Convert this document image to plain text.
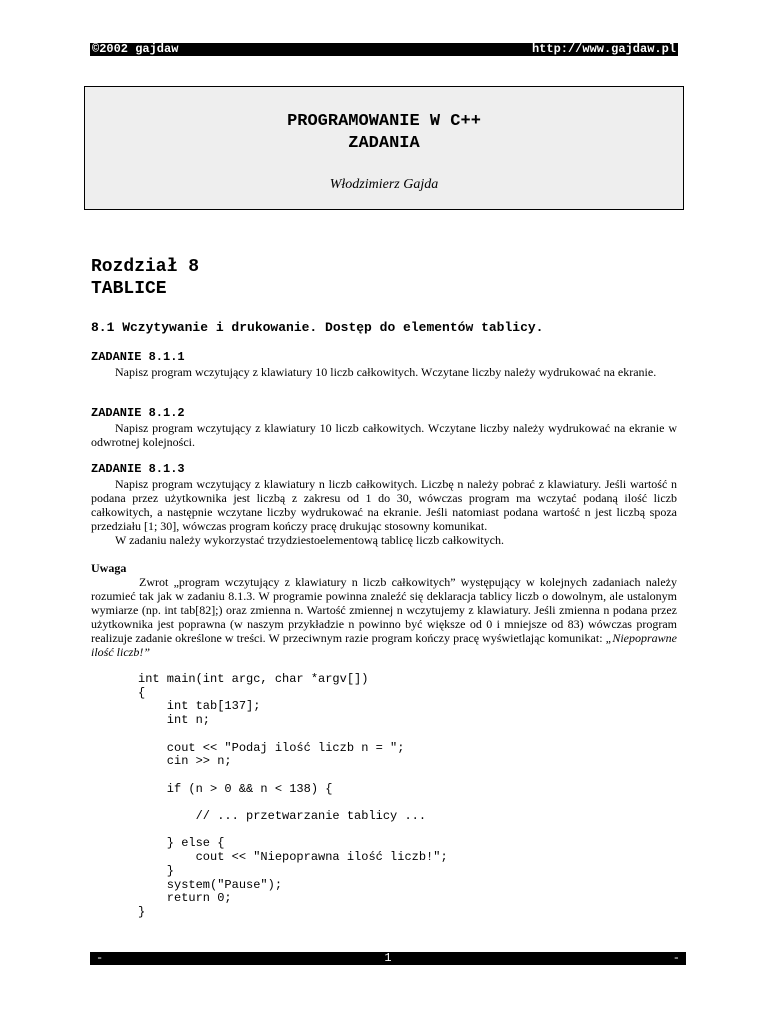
©2002 gajdaw	http://www.gajdaw.pl
PROGRAMOWANIE W C++
ZADANIA
Włodzimierz Gajda
Rozdział 8
TABLICE
8.1 Wczytywanie i drukowanie. Dostęp do elementów tablicy.
ZADANIE 8.1.1

Napisz program wczytujący z klawiatury 10 liczb całkowitych. Wczytane liczby należy wydrukować na ekranie.

ZADANIE 8.1.2

Napisz program wczytujący z klawiatury 10 liczb całkowitych. Wczytane liczby należy wydrukować na ekranie w odwrotnej kolejności.

ZADANIE 8.1.3

Napisz program wczytujący z klawiatury n liczb całkowitych. Liczbę n należy pobrać z klawiatury. Jeśli wartość n podana przez użytkownika jest liczbą z zakresu od 1 do 30, wówczas program ma wczytać podaną ilość liczb całkowitych, a następnie wczytane liczby wydrukować na ekranie. Jeśli natomiast podana wartość n jest liczbą spoza przedziału [1; 30], wówczas program kończy pracę drukując stosowny komunikat.

W zadaniu należy wykorzystać trzydziestoelementową tablicę liczb całkowitych.

Uwaga

Zwrot „program wczytujący z klawiatury n liczb całkowitych” występujący w kolejnych zadaniach należy rozumieć tak jak w zadaniu 8.1.3. W programie powinna znaleźć się deklaracja tablicy liczb o dowolnym, ale ustalonym wymiarze (np. int tab[82];) oraz zmienna n. Wartość zmiennej n wczytujemy z klawiatury. Jeśli zmienna n podana przez użytkownika jest poprawna (w naszym przykładzie n powinno być większe od 0 i mniejsze od 83) wówczas program realizuje zadanie określone w treści. W przeciwnym razie program kończy pracę wyświetlając komunikat: „Niepoprawne ilość liczb!”

int main(int argc, char *argv[])
{
int tab[137];
int n;

cout << "Podaj ilość liczb n = ";
cin >> n;

if (n > 0 && n < 138) {

// ... przetwarzanie tablicy ...

} else {
cout << "Niepoprawna ilość liczb!";
}
system("Pause");
return 0;
}
-	1	-
